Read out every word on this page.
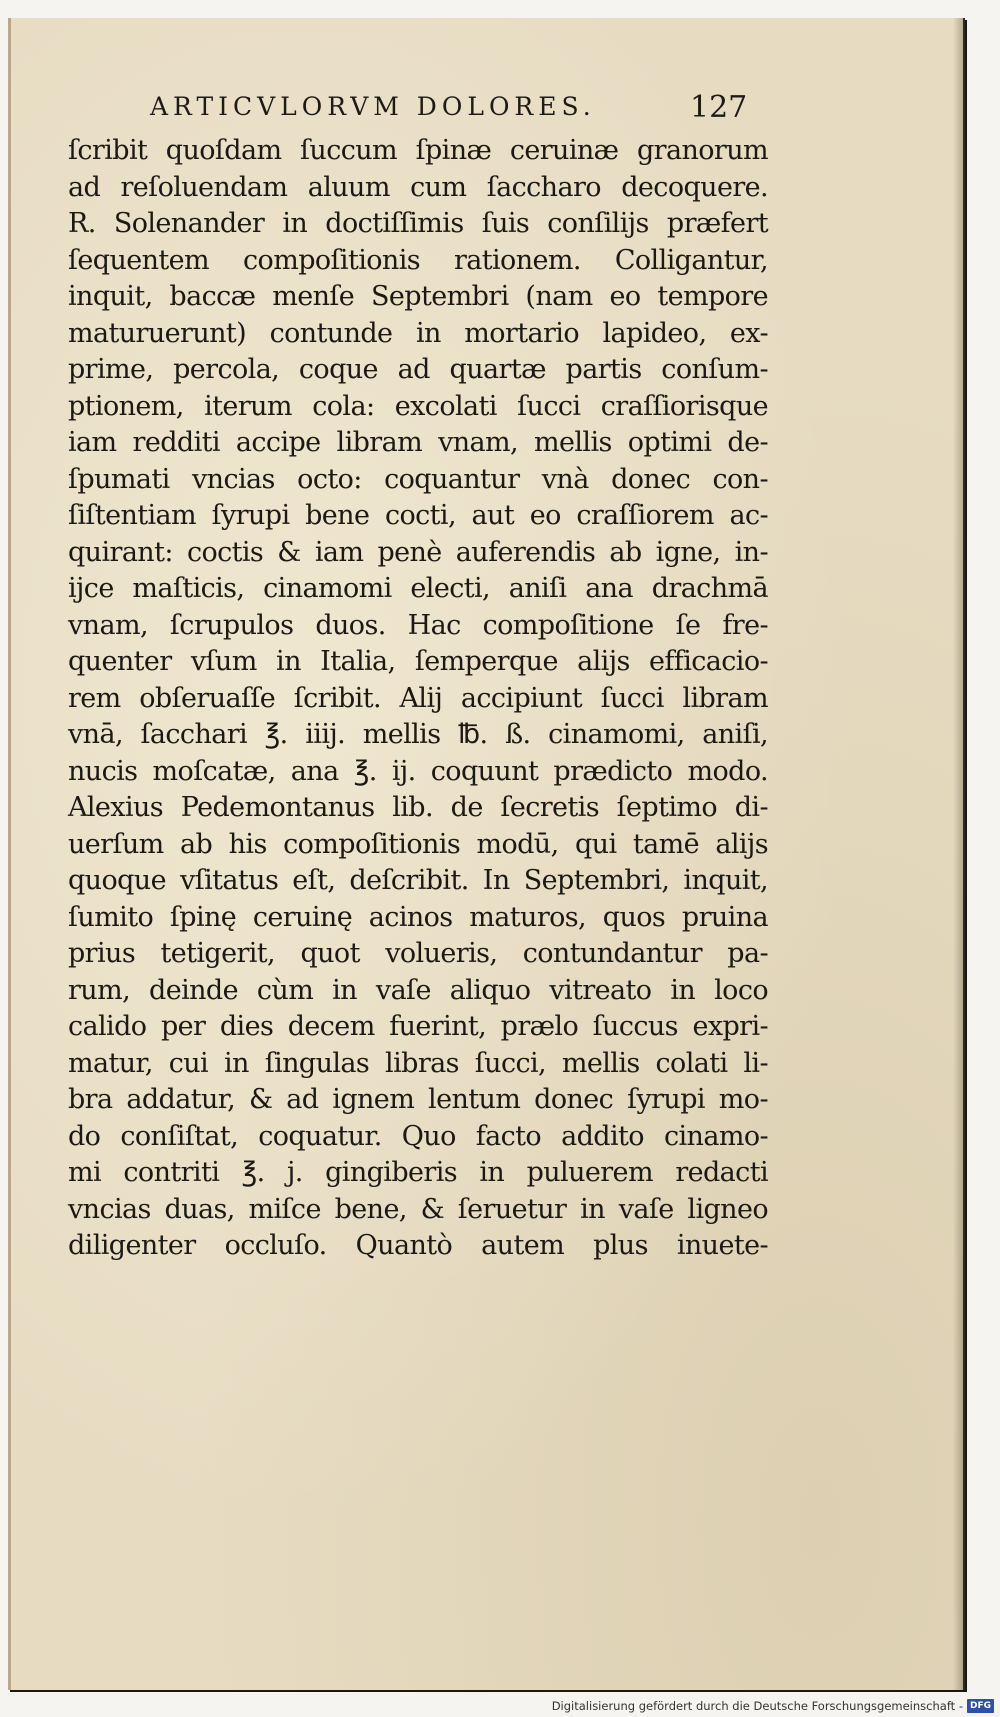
ARTICVLORVM DOLORES.	127
ſcribit quoſdam ſuccum ſpinæ ceruinæ granorum
ad reſoluendam aluum cum ſaccharo decoquere.
R. Solenander in doctiſſimis ſuis conſilijs præfert
ſequentem compoſitionis rationem. Colligantur,
inquit, baccæ menſe Septembri (nam eo tempore
maturuerunt) contunde in mortario lapideo, ex-
prime, percola, coque ad quartæ partis conſum-
ptionem, iterum cola: excolati ſucci craſſiorisque
iam redditi accipe libram vnam, mellis optimi de-
ſpumati vncias octo: coquantur vnà donec con-
ſiſtentiam ſyrupi bene cocti, aut eo craſſiorem ac-
quirant: coctis & iam penè auferendis ab igne, in-
ijce maſticis, cinamomi electi, aniſi ana drachmā
vnam, ſcrupulos duos. Hac compoſitione ſe fre-
quenter vſum in Italia, ſemperque alijs efficacio-
rem obſeruaſſe ſcribit. Alij accipiunt ſucci libram
vnā, ſacchari ℥. iiij. mellis ℔. ß. cinamomi, aniſi,
nucis moſcatæ, ana ℥. ij. coquunt prædicto modo.
Alexius Pedemontanus lib. de ſecretis ſeptimo di-
uerſum ab his compoſitionis modū, qui tamē alijs
quoque vſitatus eſt, deſcribit. In Septembri, inquit,
ſumito ſpinę ceruinę acinos maturos, quos pruina
prius tetigerit, quot volueris, contundantur pa-
rum, deinde cùm in vaſe aliquo vitreato in loco
calido per dies decem fuerint, prælo ſuccus expri-
matur, cui in ſingulas libras ſucci, mellis colati li-
bra addatur, & ad ignem lentum donec ſyrupi mo-
do conſiſtat, coquatur. Quo facto addito cinamo-
mi contriti ℥. j. gingiberis in puluerem redacti
vncias duas, miſce bene, & ſeruetur in vaſe ligneo
diligenter occluſo. Quantò autem plus inuete-
Digitalisierung gefördert durch die Deutsche Forschungsgemeinschaft - DFG
